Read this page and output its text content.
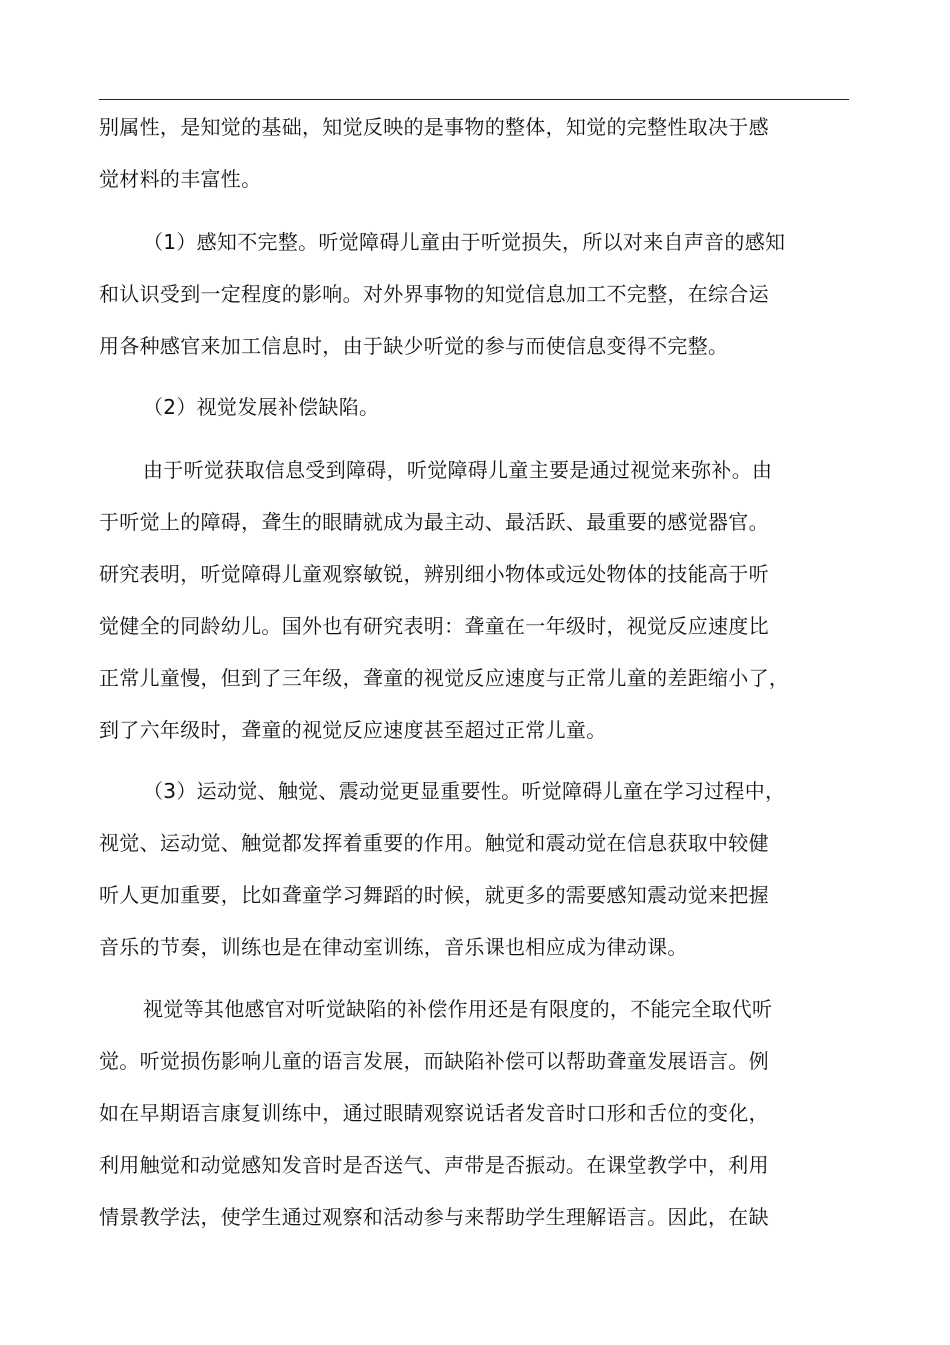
别属性，是知觉的基础，知觉反映的是事物的整体，知觉的完整性取决于感
觉材料的丰富性。
（1）感知不完整。听觉障碍儿童由于听觉损失，所以对来自声音的感知
和认识受到一定程度的影响。对外界事物的知觉信息加工不完整，在综合运
用各种感官来加工信息时，由于缺少听觉的参与而使信息变得不完整。
（2）视觉发展补偿缺陷。
由于听觉获取信息受到障碍，听觉障碍儿童主要是通过视觉来弥补。由
于听觉上的障碍，聋生的眼睛就成为最主动、最活跃、最重要的感觉器官。
研究表明，听觉障碍儿童观察敏锐，辨别细小物体或远处物体的技能高于听
觉健全的同龄幼儿。国外也有研究表明：聋童在一年级时，视觉反应速度比
正常儿童慢，但到了三年级，聋童的视觉反应速度与正常儿童的差距缩小了，
到了六年级时，聋童的视觉反应速度甚至超过正常儿童。
（3）运动觉、触觉、震动觉更显重要性。听觉障碍儿童在学习过程中，
视觉、运动觉、触觉都发挥着重要的作用。触觉和震动觉在信息获取中较健
听人更加重要，比如聋童学习舞蹈的时候，就更多的需要感知震动觉来把握
音乐的节奏，训练也是在律动室训练，音乐课也相应成为律动课。
视觉等其他感官对听觉缺陷的补偿作用还是有限度的，不能完全取代听
觉。听觉损伤影响儿童的语言发展，而缺陷补偿可以帮助聋童发展语言。例
如在早期语言康复训练中，通过眼睛观察说话者发音时口形和舌位的变化，
利用触觉和动觉感知发音时是否送气、声带是否振动。在课堂教学中，利用
情景教学法，使学生通过观察和活动参与来帮助学生理解语言。因此，在缺
